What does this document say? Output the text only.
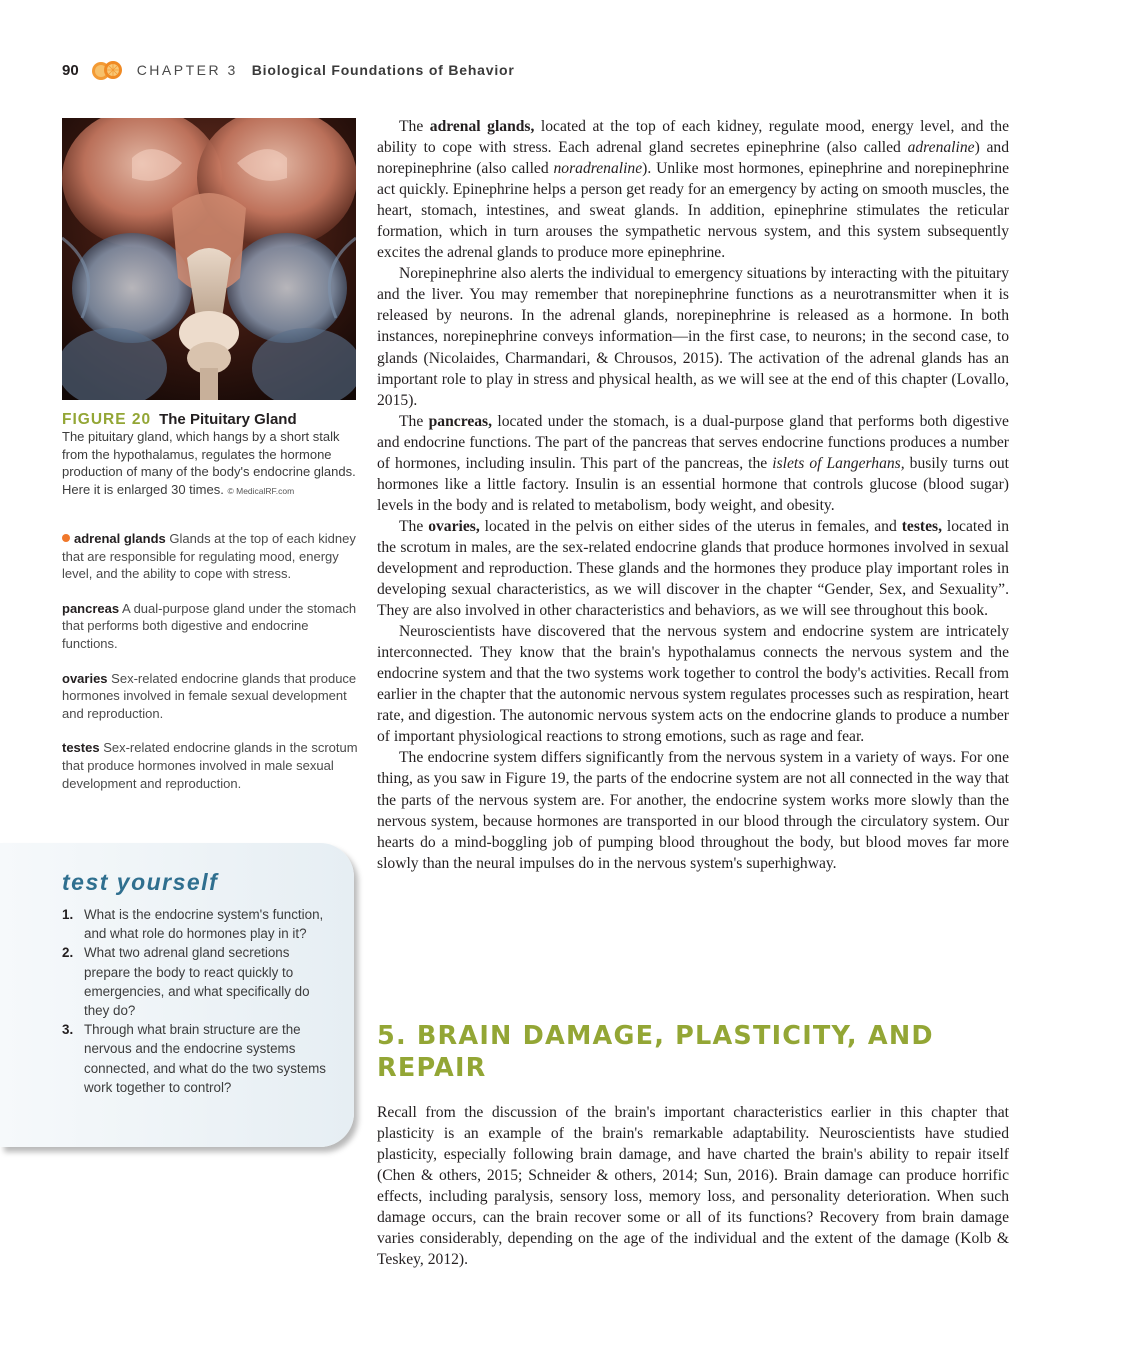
90	CHAPTER 3 Biological Foundations of Behavior
FIGURE 20 The Pituitary Gland
The pituitary gland, which hangs by a short stalk from the hypothalamus, regulates the hormone production of many of the body's endocrine glands. Here it is enlarged 30 times. © MedicalRF.com

adrenal glands Glands at the top of each kidney that are responsible for regulating mood, energy level, and the ability to cope with stress.

pancreas A dual-purpose gland under the stomach that performs both digestive and endocrine functions.

ovaries Sex-related endocrine glands that produce hormones involved in female sexual development and reproduction.

testes Sex-related endocrine glands in the scrotum that produce hormones involved in male sexual development and reproduction.

test yourself
1. What is the endocrine system's function, and what role do hormones play in it?
2. What two adrenal gland secretions prepare the body to react quickly to emergencies, and what specifically do they do?
3. Through what brain structure are the nervous and the endocrine systems connected, and what do the two systems work together to control?

The adrenal glands, located at the top of each kidney, regulate mood, energy level, and the ability to cope with stress. Each adrenal gland secretes epinephrine (also called adrenaline) and norepinephrine (also called noradrenaline). Unlike most hormones, epinephrine and norepinephrine act quickly. Epinephrine helps a person get ready for an emergency by acting on smooth muscles, the heart, stomach, intestines, and sweat glands. In addition, epinephrine stimulates the reticular formation, which in turn arouses the sympathetic nervous system, and this system subsequently excites the adrenal glands to produce more epinephrine.

Norepinephrine also alerts the individual to emergency situations by interacting with the pituitary and the liver. You may remember that norepinephrine functions as a neurotransmitter when it is released by neurons. In the adrenal glands, norepinephrine is released as a hormone. In both instances, norepinephrine conveys information—in the first case, to neurons; in the second case, to glands (Nicolaides, Charmandari, & Chrousos, 2015). The activation of the adrenal glands has an important role to play in stress and physical health, as we will see at the end of this chapter (Lovallo, 2015).

The pancreas, located under the stomach, is a dual-purpose gland that performs both digestive and endocrine functions. The part of the pancreas that serves endocrine functions produces a number of hormones, including insulin. This part of the pancreas, the islets of Langerhans, busily turns out hormones like a little factory. Insulin is an essential hormone that controls glucose (blood sugar) levels in the body and is related to metabolism, body weight, and obesity.

The ovaries, located in the pelvis on either sides of the uterus in females, and testes, located in the scrotum in males, are the sex-related endocrine glands that produce hormones involved in sexual development and reproduction. These glands and the hormones they produce play important roles in developing sexual characteristics, as we will discover in the chapter “Gender, Sex, and Sexuality”. They are also involved in other characteristics and behaviors, as we will see throughout this book.

Neuroscientists have discovered that the nervous system and endocrine system are intricately interconnected. They know that the brain's hypothalamus connects the nervous system and the endocrine system and that the two systems work together to control the body's activities. Recall from earlier in the chapter that the autonomic nervous system regulates processes such as respiration, heart rate, and digestion. The autonomic nervous system acts on the endocrine glands to produce a number of important physiological reactions to strong emotions, such as rage and fear.

The endocrine system differs significantly from the nervous system in a variety of ways. For one thing, as you saw in Figure 19, the parts of the endocrine system are not all connected in the way that the parts of the nervous system are. For another, the endocrine system works more slowly than the nervous system, because hormones are transported in our blood through the circulatory system. Our hearts do a mind-boggling job of pumping blood throughout the body, but blood moves far more slowly than the neural impulses do in the nervous system's superhighway.

5. BRAIN DAMAGE, PLASTICITY, AND REPAIR

Recall from the discussion of the brain's important characteristics earlier in this chapter that plasticity is an example of the brain's remarkable adaptability. Neuroscientists have studied plasticity, especially following brain damage, and have charted the brain's ability to repair itself (Chen & others, 2015; Schneider & others, 2014; Sun, 2016). Brain damage can produce horrific effects, including paralysis, sensory loss, memory loss, and personality deterioration. When such damage occurs, can the brain recover some or all of its functions? Recovery from brain damage varies considerably, depending on the age of the individual and the extent of the damage (Kolb & Teskey, 2012).
